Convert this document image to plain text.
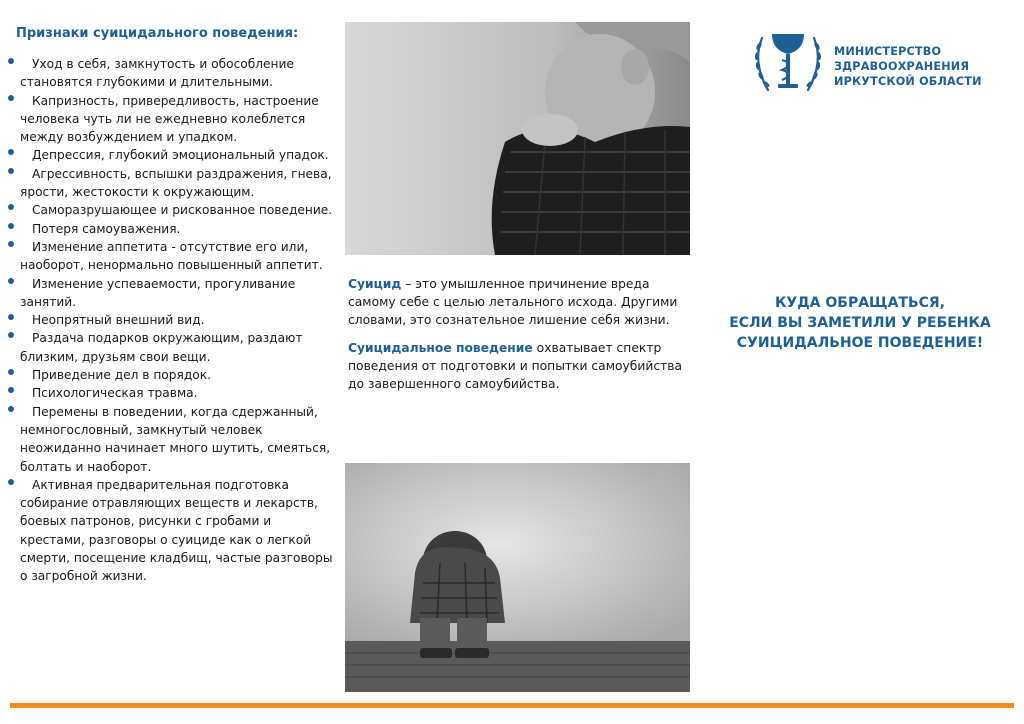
Признаки суицидального поведения:
Уход в себя, замкнутость и обособление становятся глубокими и длительными.
Капризность, привередливость, настроение человека чуть ли не ежедневно колеблется между возбуждением и упадком.
Депрессия, глубокий эмоциональный упадок.
Агрессивность, вспышки раздражения, гнева, ярости, жестокости к окружающим.
Саморазрушающее и рискованное поведение.
Потеря самоуважения.
Изменение аппетита - отсутствие его или, наоборот, ненормально повышенный аппетит.
Изменение успеваемости, прогуливание занятий.
Неопрятный внешний вид.
Раздача подарков окружающим, раздают близким, друзьям свои вещи.
Приведение дел в порядок.
Психологическая травма.
Перемены в поведении, когда сдержанный, немногословный, замкнутый человек неожиданно начинает много шутить, смеяться, болтать и наоборот.
Активная предварительная подготовка собирание отравляющих веществ и лекарств, боевых патронов, рисунки с гробами и крестами, разговоры о суициде как о легкой смерти, посещение кладбищ, частые разговоры о загробной жизни.

Суицид – это умышленное причинение вреда самому себе с целью летального исхода. Другими словами, это сознательное лишение себя жизни.

Суицидальное поведение охватывает спектр поведения от подготовки и попытки самоубийства до завершенного самоубийства.

МИНИСТЕРСТВО
ЗДРАВООХРАНЕНИЯ
ИРКУТСКОЙ ОБЛАСТИ
КУДА ОБРАЩАТЬСЯ,
ЕСЛИ ВЫ ЗАМЕТИЛИ У РЕБЕНКА
СУИЦИДАЛЬНОЕ ПОВЕДЕНИЕ!
